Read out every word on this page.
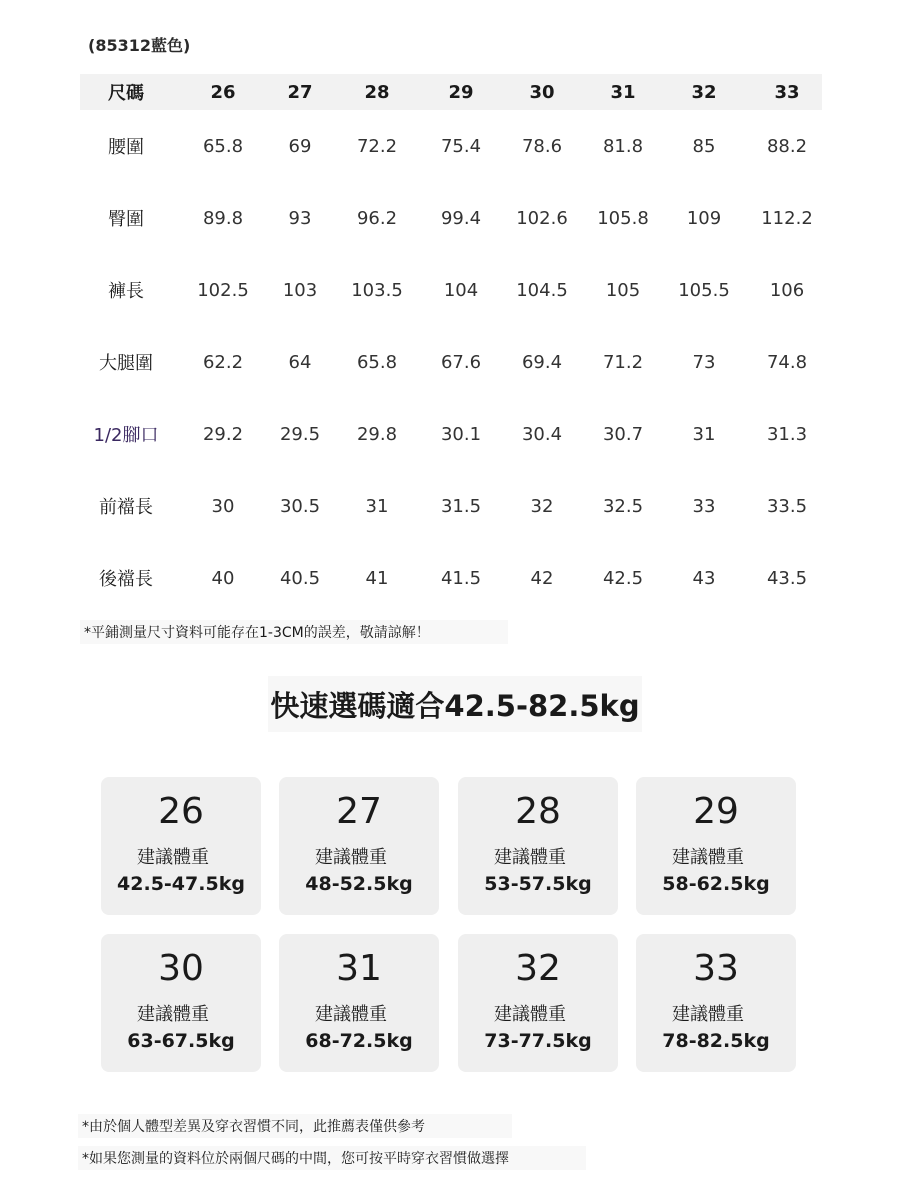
(85312藍色)
尺碼	26	27	28	29	30	31	32	33
腰圍	65.8	69	72.2	75.4	78.6	81.8	85	88.2
臀圍	89.8	93	96.2	99.4	102.6	105.8	109	112.2
褲長	102.5	103	103.5	104	104.5	105	105.5	106
大腿圍	62.2	64	65.8	67.6	69.4	71.2	73	74.8
1/2腳口	29.2	29.5	29.8	30.1	30.4	30.7	31	31.3
前襠長	30	30.5	31	31.5	32	32.5	33	33.5
後襠長	40	40.5	41	41.5	42	42.5	43	43.5
*平鋪測量尺寸資料可能存在1-3CM的誤差，敬請諒解！
快速選碼適合42.5-82.5kg
26
建議體重
42.5-47.5kg
27
建議體重
48-52.5kg
28
建議體重
53-57.5kg
29
建議體重
58-62.5kg
30
建議體重
63-67.5kg
31
建議體重
68-72.5kg
32
建議體重
73-77.5kg
33
建議體重
78-82.5kg
*由於個人體型差異及穿衣習慣不同，此推薦表僅供參考
*如果您測量的資料位於兩個尺碼的中間，您可按平時穿衣習慣做選擇
